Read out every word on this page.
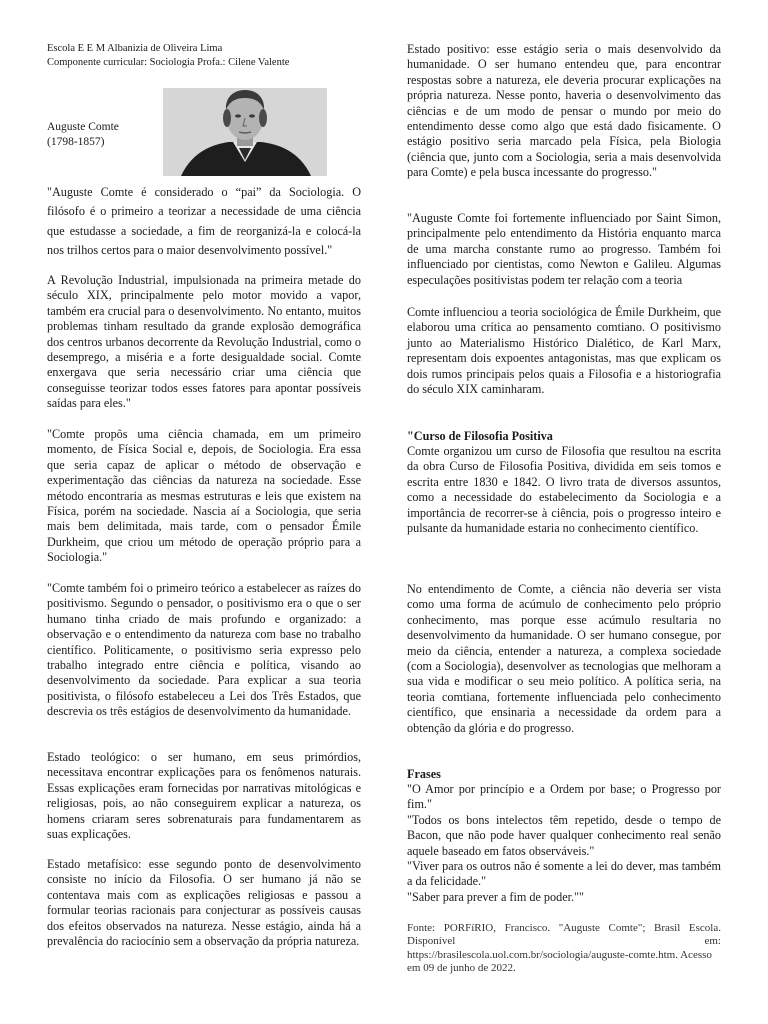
Escola E E M Albanizia de Oliveira Lima
Componente curricular: Sociologia Profa.: Cilene Valente
Auguste Comte
(1798-1857)
"Auguste Comte é considerado o “pai” da Sociologia. O filósofo é o primeiro a teorizar a necessidade de uma ciência que estudasse a sociedade, a fim de reorganizá-la e colocá-la nos trilhos certos para o maior desenvolvimento possível."
A Revolução Industrial, impulsionada na primeira metade do século XIX, principalmente pelo motor movido a vapor, também era crucial para o desenvolvimento. No entanto, muitos problemas tinham resultado da grande explosão demográfica dos centros urbanos decorrente da Revolução Industrial, como o desemprego, a miséria e a forte desigualdade social. Comte enxergava que seria necessário criar uma ciência que conseguisse teorizar todos esses fatores para apontar possíveis saídas para eles."
"Comte propôs uma ciência chamada, em um primeiro momento, de Física Social e, depois, de Sociologia. Era essa que seria capaz de aplicar o método de observação e experimentação das ciências da natureza na sociedade. Esse método encontraria as mesmas estruturas e leis que existem na Física, porém na sociedade. Nascia aí a Sociologia, que seria mais bem delimitada, mais tarde, com o pensador Émile Durkheim, que criou um método de operação próprio para a Sociologia."
"Comte também foi o primeiro teórico a estabelecer as raízes do positivismo. Segundo o pensador, o positivismo era o que o ser humano tinha criado de mais profundo e organizado: a observação e o entendimento da natureza com base no trabalho científico. Politicamente, o positivismo seria expresso pelo trabalho integrado entre ciência e política, visando ao desenvolvimento da sociedade. Para explicar a sua teoria positivista, o filósofo estabeleceu a Lei dos Três Estados, que descrevia os três estágios de desenvolvimento da humanidade.
Estado teológico: o ser humano, em seus primórdios, necessitava encontrar explicações para os fenômenos naturais. Essas explicações eram fornecidas por narrativas mitológicas e religiosas, pois, ao não conseguirem explicar a natureza, os homens criaram seres sobrenaturais para fundamentarem as suas explicações.
Estado metafísico: esse segundo ponto de desenvolvimento consiste no início da Filosofia. O ser humano já não se contentava mais com as explicações religiosas e passou a formular teorias racionais para conjecturar as possíveis causas dos efeitos observados na natureza. Nesse estágio, ainda há a prevalência do raciocínio sem a observação da própria natureza.
Estado positivo: esse estágio seria o mais desenvolvido da humanidade. O ser humano entendeu que, para encontrar respostas sobre a natureza, ele deveria procurar explicações na própria natureza. Nesse ponto, haveria o desenvolvimento das ciências e de um modo de pensar o mundo por meio do entendimento desse como algo que está dado fisicamente. O estágio positivo seria marcado pela Física, pela Biologia (ciência que, junto com a Sociologia, seria a mais desenvolvida para Comte) e pela busca incessante do progresso."
"Auguste Comte foi fortemente influenciado por Saint Simon, principalmente pelo entendimento da História enquanto marca de uma marcha constante rumo ao progresso. Também foi influenciado por cientistas, como Newton e Galileu. Algumas especulações positivistas podem ter relação com a teoria
Comte influenciou a teoria sociológica de Émile Durkheim, que elaborou uma crítica ao pensamento comtiano. O positivismo junto ao Materialismo Histórico Dialético, de Karl Marx, representam dois expoentes antagonistas, mas que explicam os dois rumos principais pelos quais a Filosofia e a historiografia do século XIX caminharam.
"Curso de Filosofia Positiva
Comte organizou um curso de Filosofia que resultou na escrita da obra Curso de Filosofia Positiva, dividida em seis tomos e escrita entre 1830 e 1842. O livro trata de diversos assuntos, como a necessidade do estabelecimento da Sociologia e a importância de recorrer-se à ciência, pois o progresso inteiro e pulsante da humanidade estaria no conhecimento científico.
No entendimento de Comte, a ciência não deveria ser vista como uma forma de acúmulo de conhecimento pelo próprio conhecimento, mas porque esse acúmulo resultaria no desenvolvimento da humanidade. O ser humano consegue, por meio da ciência, entender a natureza, a complexa sociedade (com a Sociologia), desenvolver as tecnologias que melhoram a sua vida e modificar o seu meio político. A política seria, na teoria comtiana, fortemente influenciada pelo conhecimento científico, que ensinaria a necessidade da ordem para a obtenção da glória e do progresso.
Frases
"O Amor por princípio e a Ordem por base; o Progresso por fim."
"Todos os bons intelectos têm repetido, desde o tempo de Bacon, que não pode haver qualquer conhecimento real senão aquele baseado em fatos observáveis."
"Viver para os outros não é somente a lei do dever, mas também a da felicidade."
"Saber para prever a fim de poder.""
Fonte: PORFíRIO, Francisco. "Auguste Comte"; Brasil Escola. Disponível em:
https://brasilescola.uol.com.br/sociologia/auguste-comte.htm. Acesso em 09 de junho de 2022.
